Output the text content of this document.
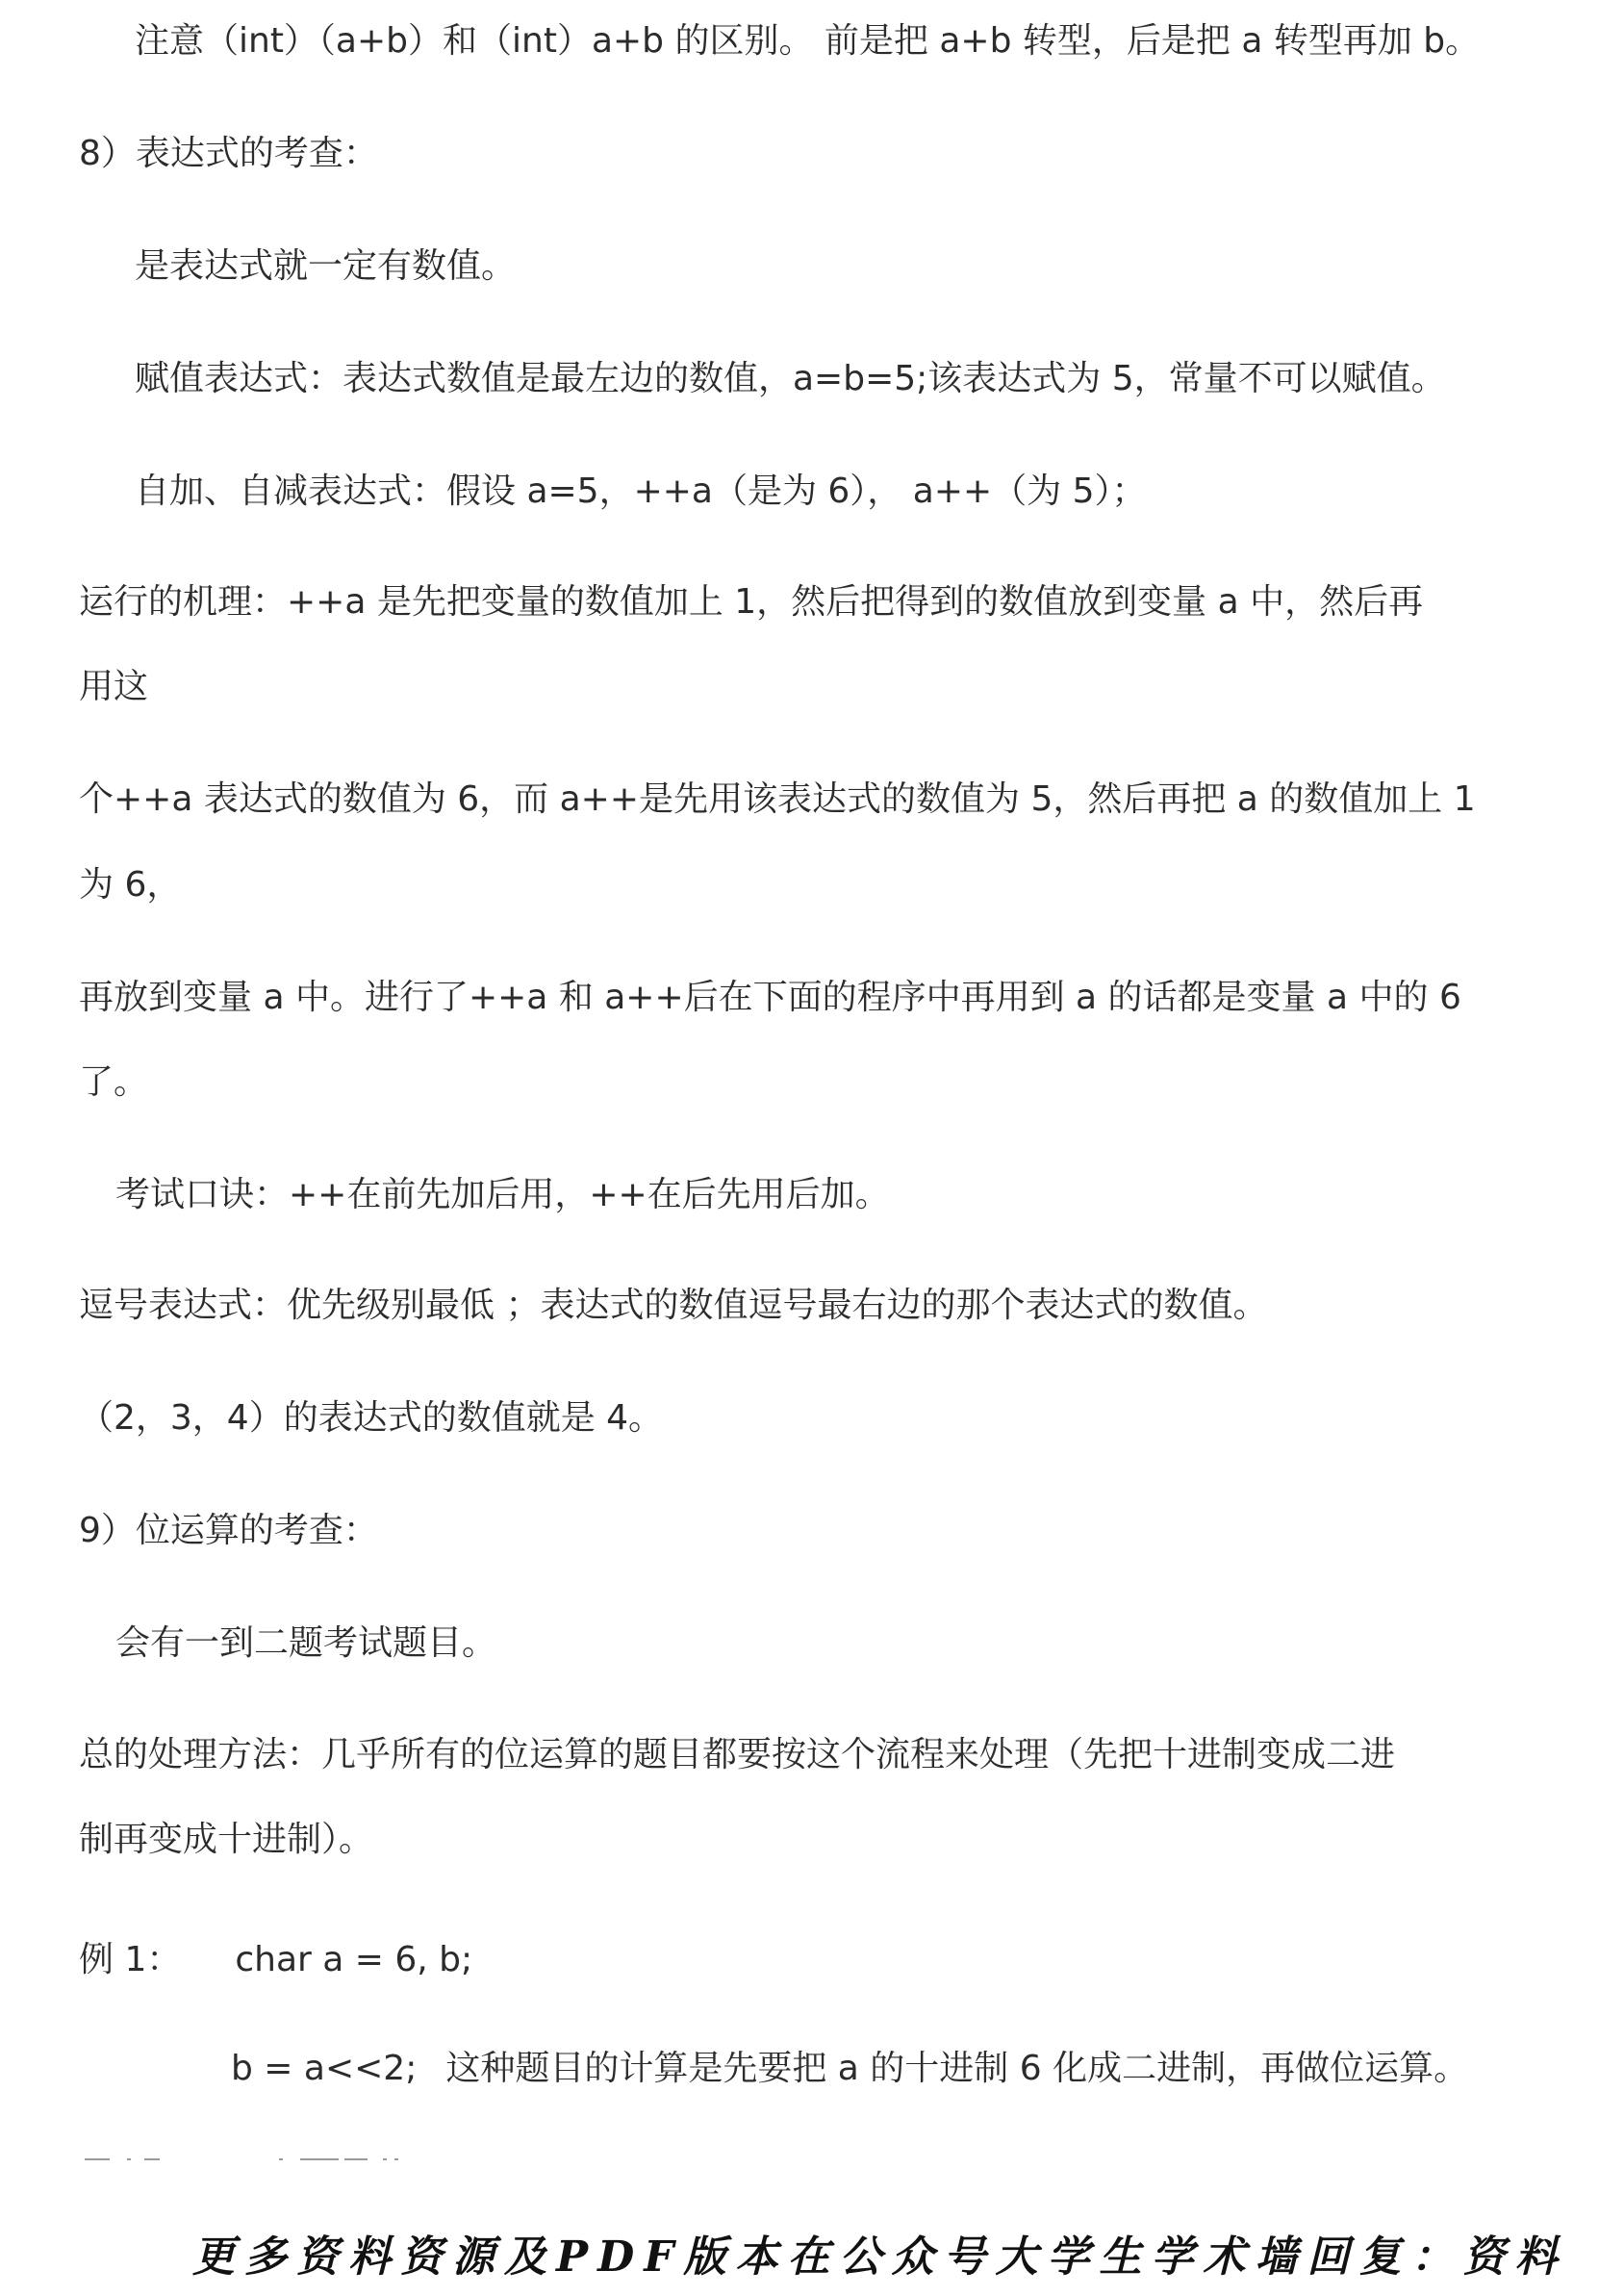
注意（int）（a+b）和（int）a+b 的区别。 前是把 a+b 转型，后是把 a 转型再加 b。
8）表达式的考查：
是表达式就一定有数值。
赋值表达式：表达式数值是最左边的数值，a=b=5;该表达式为 5，常量不可以赋值。
自加、自减表达式：假设 a=5，++a（是为 6）， a++（为 5）；
运行的机理：++a 是先把变量的数值加上 1，然后把得到的数值放到变量 a 中，然后再
用这
个++a 表达式的数值为 6，而 a++是先用该表达式的数值为 5，然后再把 a 的数值加上 1
为 6，
再放到变量 a 中。进行了++a 和 a++后在下面的程序中再用到 a 的话都是变量 a 中的 6
了。
考试口诀：++在前先加后用，++在后先用后加。
逗号表达式：优先级别最低 ；表达式的数值逗号最右边的那个表达式的数值。
（2，3，4）的表达式的数值就是 4。
9）位运算的考查：
会有一到二题考试题目。
总的处理方法：几乎所有的位运算的题目都要按这个流程来处理（先把十进制变成二进
制再变成十进制）。
例 1： char a = 6, b;
b = a<<2; 这种题目的计算是先要把 a 的十进制 6 化成二进制，再做位运算。
更多资料资源及PDF版本在公众号大学生学术墙回复：资料
